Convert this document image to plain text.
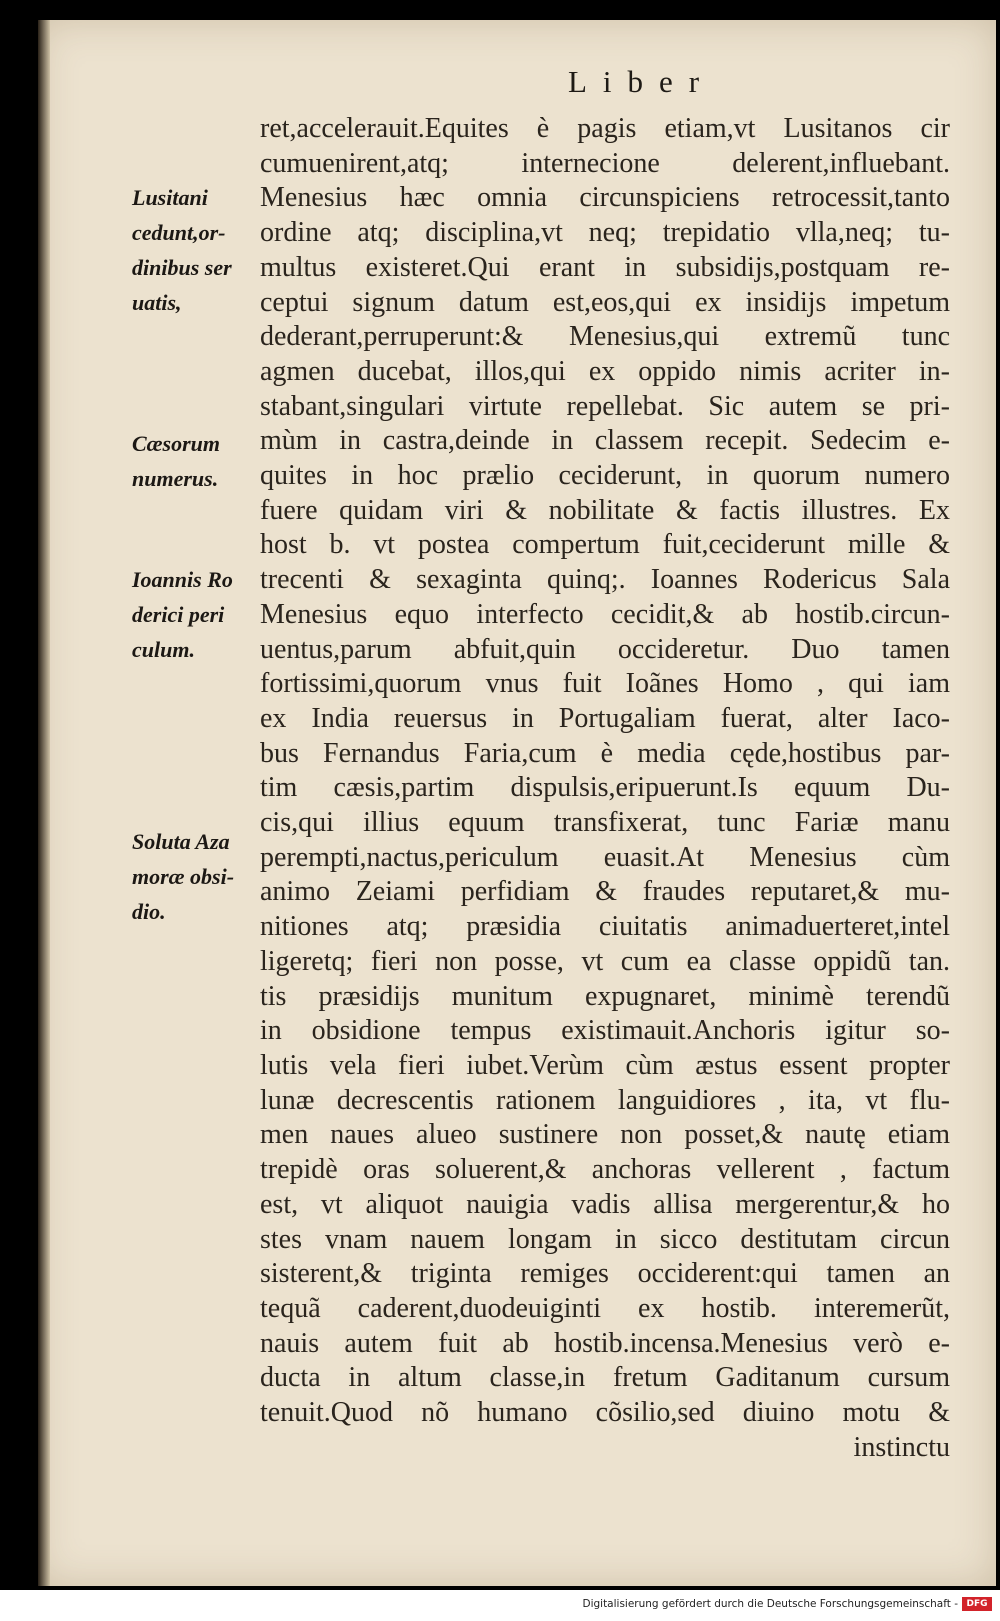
Liber
Lusitani
cedunt,or-
dinibus ser
uatis,
Cæsorum
numerus.
Ioannis Ro
derici peri
culum.
Soluta Aza
moræ obsi-
dio.
ret,accelerauit.Equites è pagis etiam,vt Lusitanos cir
cumuenirent,atq; internecione delerent,influebant.
Menesius hæc omnia circunspiciens retrocessit,tanto
ordine atq; disciplina,vt neq; trepidatio vlla,neq; tu-
multus existeret.Qui erant in subsidijs,postquam re-
ceptui signum datum est,eos,qui ex insidijs impetum
dederant,perruperunt:& Menesius,qui extremũ tunc
agmen ducebat, illos,qui ex oppido nimis acriter in-
stabant,singulari virtute repellebat. Sic autem se pri-
mùm in castra,deinde in classem recepit. Sedecim e-
quites in hoc prælio ceciderunt, in quorum numero
fuere quidam viri & nobilitate & factis illustres. Ex
host b. vt postea compertum fuit,ceciderunt mille &
trecenti & sexaginta quinq;. Ioannes Rodericus Sala
Menesius equo interfecto cecidit,& ab hostib.circun-
uentus,parum abfuit,quin occideretur. Duo tamen
fortissimi,quorum vnus fuit Ioãnes Homo , qui iam
ex India reuersus in Portugaliam fuerat, alter Iaco-
bus Fernandus Faria,cum è media cęde,hostibus par-
tim cæsis,partim dispulsis,eripuerunt.Is equum Du-
cis,qui illius equum transfixerat, tunc Fariæ manu
perempti,nactus,periculum euasit.At Menesius cùm
animo Zeiami perfidiam & fraudes reputaret,& mu-
nitiones atq; præsidia ciuitatis animaduerteret,intel
ligeretq; fieri non posse, vt cum ea classe oppidũ tan.
tis præsidijs munitum expugnaret, minimè terendũ
in obsidione tempus existimauit.Anchoris igitur so-
lutis vela fieri iubet.Verùm cùm æstus essent propter
lunæ decrescentis rationem languidiores , ita, vt flu-
men naues alueo sustinere non posset,& nautę etiam
trepidè oras soluerent,& anchoras vellerent , factum
est, vt aliquot nauigia vadis allisa mergerentur,& ho
stes vnam nauem longam in sicco destitutam circun
sisterent,& triginta remiges occiderent:qui tamen an
tequã caderent,duodeuiginti ex hostib. interemerũt,
nauis autem fuit ab hostib.incensa.Menesius verò e-
ducta in altum classe,in fretum Gaditanum cursum
tenuit.Quod nõ humano cõsilio,sed diuino motu &
instinctu
Digitalisierung gefördert durch die Deutsche Forschungsgemeinschaft - DFG
